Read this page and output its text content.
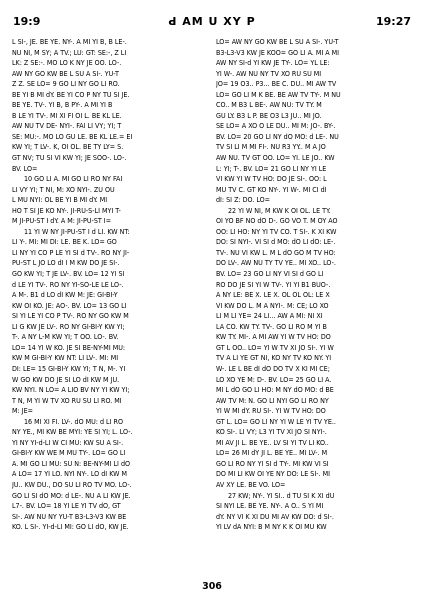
19:9	ꓒ ꓮꓟ ꓴ ꓫꓬ ꓑ	19:27
L SI-, JE. BE YE. NY-. A MI YI B, B LE-.
NU NI, M SY; A TV.; LU: GT: SE:-, Z LI
LK: Z SE:-. MO LO K NY JE OO. LO-.
AW NY GO KW BE L SU A SI-. YU-T
Z Z. SE LO= 9 GO LI NY GO LI RO.
BE YI B MI dY. BE YI CO P NY TU SI JE.
BE YE. TV-. YI B, B PY-. A MI YI B
B LE YI TV-. MI XI FI OI L. BE KL LE.
AW NU TV DE- NYI-. FAI LI VY; YI; T
SE: MU:-. MO LO GU LE. BE KL LE.= EI
KW YI; T LV-. K, OI OL. BE TY LY= S.
GT NV; TU SI VI KW YI; JE SOO-. LO-.
BV. LO=
10 GO LI A. MI GO LI RO NY FAI
LI VY YI; T NI, M: XO NYI-. ZU OU
L MU NYI: OL BE YI B MI dY. MI
HO T SI JE KO NY-. JI-RU-S-LI MYI T-
M JI-PU-ST I dY. A M: JI-PU-ST I=
11 YI W NY JI-PU-ST I d LI. KW NT:
LI Y-. MI: MI DI: LE. BE K. LO= GO
LI NY YI CO P LE YI SI d TV-. RO NY JI-
PU-ST L JO LO dI I M KW DO JE SI-.
GO KW YI; T JE LV-. BV. LO= 12 YI SI
d LE YI TV-. RO NY YI-SO-LE LE LO-.
A M-. B1 d LO dI KW M: JE: GI-BI-Y
KW OI KO. JE: AO-. BV. LO= 13 GO LI
SI YI LE YI CO P TV-. RO NY GO KW M
LI G KW JE LV-. RO NY GI-BI-Y KW YI;
T-. A NY L-M KW YI; T OO. LO-. BV.
LO= 14 YI W KO. JE SI BE-NY-MI MU:
KW M GI-BI-Y KW NT: LI LV-. MI: MI
DI: LE= 15 GI-BI-Y KW YI; T N, M-. YI
W GO KW DO JE SI LO dI KW M JU.
KW NYI. N LO= A LIO BV NY YI KW YI;
T N, M YI W TV XO RU SU LI RO. MI
M: JE=
16 MI XI FI. LV-. dO MU: d LI RO
NY YE., MI KW BE MYI: YE SI YI; L. LO-.
YI NY YI-d-LI W CI MU: KW SU A SI-.
GI-BI-Y KW WE M MU TY-. LO= GO LI
A. MI GO LI MU: SU N: BE-NY-MI LI dO
A LO= 17 YI LO. NYI NY-. LO dI KW M
JU.. KW DU., DO SU LI RO TV MO. LO-.
GO LI SI dO MO: d LE-. NU A LI KW JE.
L7-. BV. LO= 18 YI LE YI TV dO, GT
SI-. AW NU NY YU-T B3-L3-V3 KW BE
KO. L SI-. YI-d-LI MI: GO LI dO, KW JE.
LO= AW NY GO KW BE L SU A SI-. YU-T
B3-L3-V3 KW JE KOO= GO LI A. MI A MI
AW NY SI-d YI KW JE TY-. LO= YL LE:
YI W-. AW NU NY TV XO RU SU MI
JO= 19 O3.. P3... BE C. DU.. MI AW TV
LO= GO LI M K BE. BE AW TV TY-. M NU
CO.. M B3 L BE-. AW NU: TV TY. M
GU LY. B3 L P. BE O3 L3 JU.. MI JO.
SE LO= A XO O LE DU.. MI M: JO-. BY-.
BV. LO= 20 GO LI NY dO MO: d LE-. NU
TV SI LI M MI FI-. NU R3 YY.. M A JO
AW NU. TV GT OO. LO= YI. LE JO.. KW
L: YI; T-. BV. LO= 21 GO LI NY YI LE
VI KW YI W TV HO: DO JE SI-. OO: L
MU TV C. GT KO NY-. YI W-. MI CI dI
dI: SI Z: DO. LO=
22 YI W NI, M KW K OI OL. LE TY.
OI YO BF NO dO D-. GO VO T. M OY AO
OO: LI HO: NY YI TV CO. T SI-. K XI KW
DO: SI NYI-. VI SI d MO: dO LI dO: LE-.
TV-. NU VI KW L. M L dO GO M TV HO:
DO LV-. AW NU TY TV YE.. MI XO.. LO-.
BV. LO= 23 GO LI NY VI SI d GO LI
RO DO JE SI YI W TV-. YI YI B1 BUO-.
A NY LE: BE X. LE X. OL OL OL: LE X
VI KW DO L. M A NYI-. M: CE; LO XO
LI M LI YE= 24 LI... AW A MI: NI XI
LA CO. KW TY. TV-. GO LI RO M YI B
KW TY. MI-. A MI AW YI W TV HO: DO
GT L OO.. LO= YI W TV XI JO SI-. YI W
TV A LI YE GT NI, KO NY TV KO NY. YI
W-. LE L BE dI dO DO TV X KI MI CE;
LO XO YE M: D-. BV. LO= 25 GO LI A.
MI L dO GO LI HO: M NY dO MO: d BE
AW TV M: N. GO LI NYI GO LI RO NY
YI W MI dY. RU SI-. YI W TV HO: DO
GT L. LO= GO LI NY YI W LE YI TV YE..
KO SI-. LI VY; L3 YI TV XI JO SI NYI-.
MI AV JI L. BE YE.. LV SI YI TV LI KO..
LO= 26 MI dY JI L. BE YE.. MI LV-. M
GO LI RO NY YI SI d TY-. MI KW VI SI
DO MI LI KW OI YE NY DO: LE SI-. MI
AV XY LE. BE VO. LO=
27 KW; NY-. YI SI.. d TU SI K XI dU
SI NYI LE. BE YE. NY-. A O.. S YI MI
dY. NY VI K XI DU MI AV KW DO: d SI-.
YI LV dA NYI: B M NY K K OI MU KW
306
